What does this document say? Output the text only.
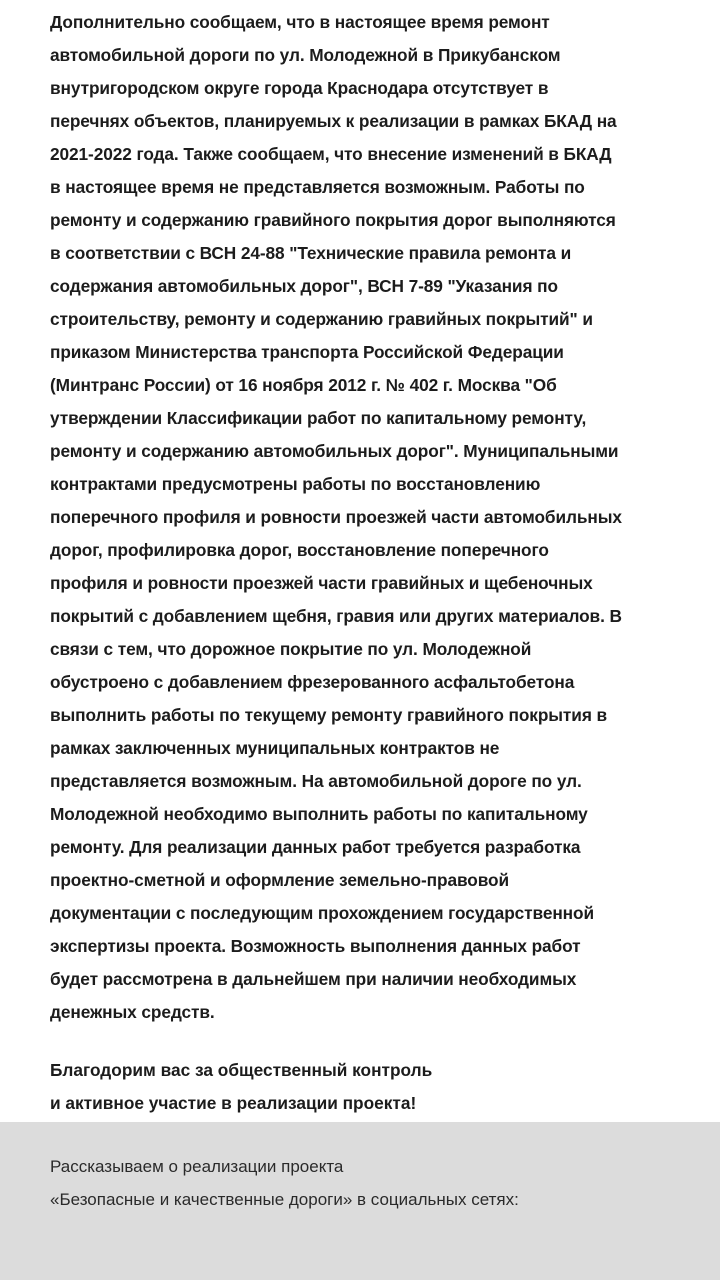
Дополнительно сообщаем, что в настоящее время ремонт
автомобильной дороги по ул. Молодежной в Прикубанском
внутригородском округе города Краснодара отсутствует в
перечнях объектов, планируемых к реализации в рамках БКАД на
2021-2022 года. Также сообщаем, что внесение изменений в БКАД
в настоящее время не представляется возможным. Работы по
ремонту и содержанию гравийного покрытия дорог выполняются
в соответствии с ВСН 24-88 "Технические правила ремонта и
содержания автомобильных дорог", ВСН 7-89 "Указания по
строительству, ремонту и содержанию гравийных покрытий" и
приказом Министерства транспорта Российской Федерации
(Минтранс России) от 16 ноября 2012 г. № 402 г. Москва "Об
утверждении Классификации работ по капитальному ремонту,
ремонту и содержанию автомобильных дорог". Муниципальными
контрактами предусмотрены работы по восстановлению
поперечного профиля и ровности проезжей части автомобильных
дорог, профилировка дорог, восстановление поперечного
профиля и ровности проезжей части гравийных и щебеночных
покрытий с добавлением щебня, гравия или других материалов. В
связи с тем, что дорожное покрытие по ул. Молодежной
обустроено с добавлением фрезерованного асфальтобетона
выполнить работы по текущему ремонту гравийного покрытия в
рамках заключенных муниципальных контрактов не
представляется возможным. На автомобильной дороге по ул.
Молодежной необходимо выполнить работы по капитальному
ремонту. Для реализации данных работ требуется разработка
проектно-сметной и оформление земельно-правовой
документации с последующим прохождением государственной
экспертизы проекта. Возможность выполнения данных работ
будет рассмотрена в дальнейшем при наличии необходимых
денежных средств.
Благодорим вас за общественный контроль
и активное участие в реализации проекта!
Рассказываем о реализации проекта
«Безопасные и качественные дороги» в социальных сетях:
